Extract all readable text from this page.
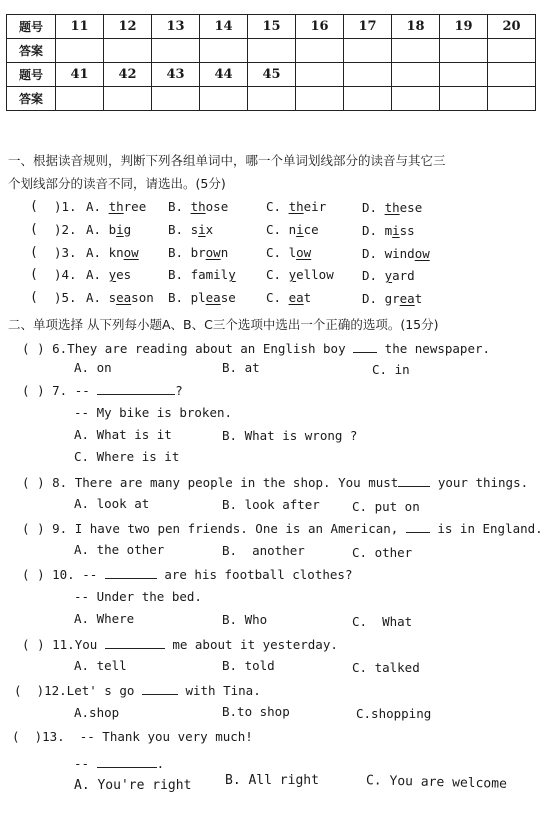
题号	11	12	13	14	15	16	17	18	19	20
答案										
题号	41	42	43	44	45					
答案										
一、根据读音规则，判断下列各组单词中，哪一个单词划线部分的读音与其它三
个划线部分的读音不同，请选出。(5分)
( )1. A. three B. those	C. their	D. these
( )2. A. big	B. six	C. nice	D. miss
( )3. A. know B. brown	C. low	D. window
( )4. A. yes	B. family C. yellow D. yard
( )5. A. season B. please C. eat	D. great
二、单项选择 从下列每小题A、B、C三个选项中选出一个正确的选项。(15分)
( ) 6.They are reading about an English boy  the newspaper.
A. on	B. at	C. in
( ) 7. --	?
-- My bike is broken.
A. What is it	B. What is wrong ?
C. Where is it
( ) 8. There are many people in the shop. You must	your things.
A. look at	B. look after	C. put on
( ) 9. I have two pen friends. One is an American,  is in England.
A. the other	B.  another	C. other
( ) 10. --	are his football clothes?
-- Under the bed.
A. Where	B. Who	C.  What
( ) 11.You	me about it yesterday.
A. tell	B. told	C. talked
(  )12.Let' s go	with Tina.
A.shop	B.to shop	C.shopping
(  )13.  -- Thank you very much!
--	.
A. You're right	B. All right	C. You are welcome
